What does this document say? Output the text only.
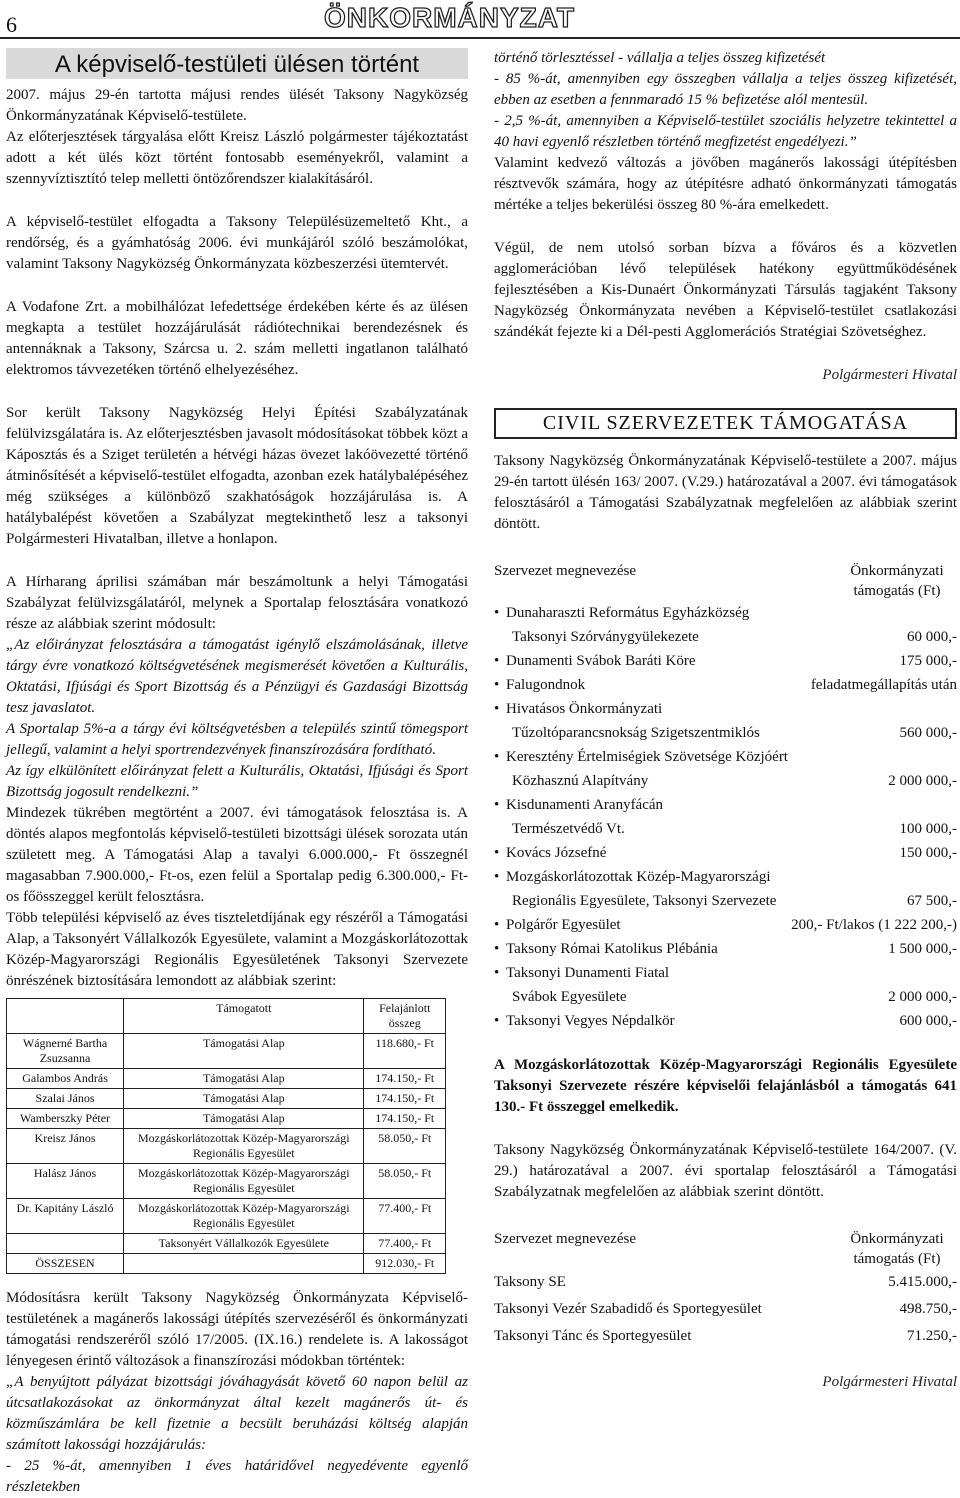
6	ÖNKORMÁNYZAT
A képviselő-testületi ülésen történt

2007. május 29-én tartotta májusi rendes ülését Taksony Nagyközség Önkormányzatának Képviselő-testülete.

Az előterjesztések tárgyalása előtt Kreisz László polgármester tájékoztatást adott a két ülés közt történt fontosabb eseményekről, valamint a szennyvíztisztító telep melletti öntözőrendszer kialakításáról.

A képviselő-testület elfogadta a Taksony Településüzemeltető Kht., a rendőrség, és a gyámhatóság 2006. évi munkájáról szóló beszámolókat, valamint Taksony Nagyközség Önkormányzata közbeszerzési ütemtervét.

A Vodafone Zrt. a mobilhálózat lefedettsége érdekében kérte és az ülésen megkapta a testület hozzájárulását rádiótechnikai berendezésnek és antennáknak a Taksony, Szárcsa u. 2. szám melletti ingatlanon található elektromos távvezetéken történő elhelyezéséhez.

Sor került Taksony Nagyközség Helyi Építési Szabályzatának felülvizsgálatára is. Az előterjesztésben javasolt módosításokat többek közt a Káposztás és a Sziget területén a hétvégi házas övezet lakóövezetté történő átminősítését a képviselő-testület elfogadta, azonban ezek hatálybalépéséhez még szükséges a különböző szakhatóságok hozzájárulása is. A hatálybalépést követően a Szabályzat megtekinthető lesz a taksonyi Polgármesteri Hivatalban, illetve a honlapon.

A Hírharang áprilisi számában már beszámoltunk a helyi Támogatási Szabályzat felülvizsgálatáról, melynek a Sportalap felosztására vonatkozó része az alábbiak szerint módosult:

„Az előirányzat felosztására a támogatást igénylő elszámolásának, illetve tárgy évre vonatkozó költségvetésének megismerését követően a Kulturális, Oktatási, Ifjúsági és Sport Bizottság és a Pénzügyi és Gazdasági Bizottság tesz javaslatot.

A Sportalap 5%-a a tárgy évi költségvetésben a település szintű tömegsport jellegű, valamint a helyi sportrendezvények finanszírozására fordítható.

Az így elkülönített előirányzat felett a Kulturális, Oktatási, Ifjúsági és Sport Bizottság jogosult rendelkezni.”

Mindezek tükrében megtörtént a 2007. évi támogatások felosztása is. A döntés alapos megfontolás képviselő-testületi bizottsági ülések sorozata után született meg. A Támogatási Alap a tavalyi 6.000.000,- Ft összegnél magasabban 7.900.000,- Ft-os, ezen felül a Sportalap pedig 6.300.000,- Ft-os főösszeggel került felosztásra.

Több települési képviselő az éves tiszteletdíjának egy részéről a Támogatási Alap, a Taksonyért Vállalkozók Egyesülete, valamint a Mozgáskorlátozottak Közép-Magyarországi Regionális Egyesületének Taksonyi Szervezete önrészének biztosítására lemondott az alábbiak szerint:

	Támogatott	Felajánlott összeg
Wágnerné Bartha Zsuzsanna	Támogatási Alap	118.680,- Ft
Galambos András	Támogatási Alap	174.150,- Ft
Szalai János	Támogatási Alap	174.150,- Ft
Wamberszky Péter	Támogatási Alap	174.150,- Ft
Kreisz János	Mozgáskorlátozottak Közép-Magyarországi Regionális Egyesület	58.050,- Ft
Halász János	Mozgáskorlátozottak Közép-Magyarországi Regionális Egyesület	58.050,- Ft
Dr. Kapitány László	Mozgáskorlátozottak Közép-Magyarországi Regionális Egyesület	77.400,- Ft
	Taksonyért Vállalkozók Egyesülete	77.400,- Ft
ÖSSZESEN		912.030,- Ft

Módosításra került Taksony Nagyközség Önkormányzata Képviselő-testületének a magánerős lakossági útépítés szervezéséről és önkormányzati támogatási rendszeréről szóló 17/2005. (IX.16.) rendelete is. A lakosságot lényegesen érintő változások a finanszírozási módokban történtek:

„A benyújtott pályázat bizottsági jóváhagyását követő 60 napon belül az útcsatlakozásokat az önkormányzat által kezelt magánerős út- és közműszámlára be kell fizetnie a becsült beruházási költség alapján számított lakossági hozzájárulás:

- 25 %-át, amennyiben 1 éves határidővel negyedévente egyenlő részletekben

történő törlesztéssel - vállalja a teljes összeg kifizetését

- 85 %-át, amennyiben egy összegben vállalja a teljes összeg kifizetését, ebben az esetben a fennmaradó 15 % befizetése alól mentesül.

- 2,5 %-át, amennyiben a Képviselő-testület szociális helyzetre tekintettel a 40 havi egyenlő részletben történő megfizetést engedélyezi.”

Valamint kedvező változás a jövőben magánerős lakossági útépítésben résztvevők számára, hogy az útépítésre adható önkormányzati támogatás mértéke a teljes bekerülési összeg 80 %-ára emelkedett.

Végül, de nem utolsó sorban bízva a főváros és a közvetlen agglomerációban lévő települések hatékony együttműködésének fejlesztésében a Kis-Dunaért Önkormányzati Társulás tagjaként Taksony Nagyközség Önkormányzata nevében a Képviselő-testület csatlakozási szándékát fejezte ki a Dél-pesti Agglomerációs Stratégiai Szövetséghez.

Polgármesteri Hivatal

CIVIL SZERVEZETEK TÁMOGATÁSA

Taksony Nagyközség Önkormányzatának Képviselő-testülete a 2007. május 29-én tartott ülésén 163/ 2007. (V.29.) határozatával a 2007. évi támogatások felosztásáról a Támogatási Szabályzatnak megfelelően az alábbiak szerint döntött.

Szervezet megnevezése	Önkormányzati támogatás (Ft)
• Dunaharaszti Református Egyházközség
Taksonyi Szórványgyülekezete	60 000,-
• Dunamenti Svábok Baráti Köre	175 000,-
• Falugondnok	feladatmegállapítás után
• Hivatásos Önkormányzati
Tűzoltóparancsnokság Szigetszentmiklós	560 000,-
• Keresztény Értelmiségiek Szövetsége Közjóért
Közhasznú Alapítvány	2 000 000,-
• Kisdunamenti Aranyfácán
Természetvédő Vt.	100 000,-
• Kovács Józsefné	150 000,-
• Mozgáskorlátozottak Közép-Magyarországi
Regionális Egyesülete, Taksonyi Szervezete	67 500,-
• Polgárőr Egyesület	200,- Ft/lakos (1 222 200,-)
• Taksony Római Katolikus Plébánia	1 500 000,-
• Taksonyi Dunamenti Fiatal
Svábok Egyesülete	2 000 000,-
• Taksonyi Vegyes Népdalkör	600 000,-

A Mozgáskorlátozottak Közép-Magyarországi Regionális Egyesülete Taksonyi Szervezete részére képviselői felajánlásból a támogatás 641 130.- Ft összeggel emelkedik.

Taksony Nagyközség Önkormányzatának Képviselő-testülete 164/2007. (V. 29.) határozatával a 2007. évi sportalap felosztásáról a Támogatási Szabályzatnak megfelelően az alábbiak szerint döntött.

Szervezet megnevezése	Önkormányzati támogatás (Ft)
Taksony SE	5.415.000,-
Taksonyi Vezér Szabadidő és Sportegyesület	498.750,-
Taksonyi Tánc és Sportegyesület	71.250,-

Polgármesteri Hivatal
